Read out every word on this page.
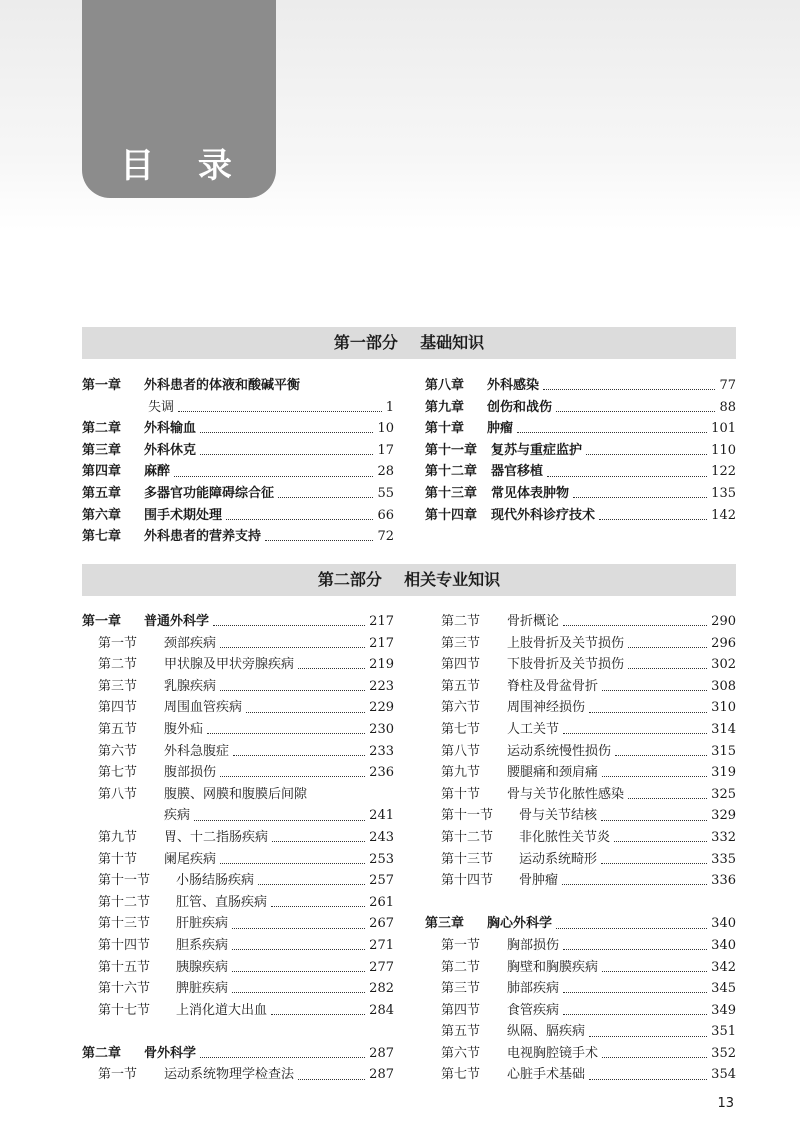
目 录
第一部分    基础知识
第一章	外科患者的体液和酸碱平衡
失调	1
第二章	外科输血	10
第三章	外科休克	17
第四章	麻醉	28
第五章	多器官功能障碍综合征	55
第六章	围手术期处理	66
第七章	外科患者的营养支持	72
第八章	外科感染	77
第九章	创伤和战伤	88
第十章	肿瘤	101
第十一章	复苏与重症监护	110
第十二章	器官移植	122
第十三章	常见体表肿物	135
第十四章	现代外科诊疗技术	142
第二部分    相关专业知识
第一章	普通外科学	217
第一节	颈部疾病	217
第二节	甲状腺及甲状旁腺疾病	219
第三节	乳腺疾病	223
第四节	周围血管疾病	229
第五节	腹外疝	230
第六节	外科急腹症	233
第七节	腹部损伤	236
第八节	腹膜、网膜和腹膜后间隙
疾病	241
第九节	胃、十二指肠疾病	243
第十节	阑尾疾病	253
第十一节	小肠结肠疾病	257
第十二节	肛管、直肠疾病	261
第十三节	肝脏疾病	267
第十四节	胆系疾病	271
第十五节	胰腺疾病	277
第十六节	脾脏疾病	282
第十七节	上消化道大出血	284
第二章	骨外科学	287
第一节	运动系统物理学检查法	287
第二节	骨折概论	290
第三节	上肢骨折及关节损伤	296
第四节	下肢骨折及关节损伤	302
第五节	脊柱及骨盆骨折	308
第六节	周围神经损伤	310
第七节	人工关节	314
第八节	运动系统慢性损伤	315
第九节	腰腿痛和颈肩痛	319
第十节	骨与关节化脓性感染	325
第十一节	骨与关节结核	329
第十二节	非化脓性关节炎	332
第十三节	运动系统畸形	335
第十四节	骨肿瘤	336
第三章	胸心外科学	340
第一节	胸部损伤	340
第二节	胸壁和胸膜疾病	342
第三节	肺部疾病	345
第四节	食管疾病	349
第五节	纵隔、膈疾病	351
第六节	电视胸腔镜手术	352
第七节	心脏手术基础	354
13
